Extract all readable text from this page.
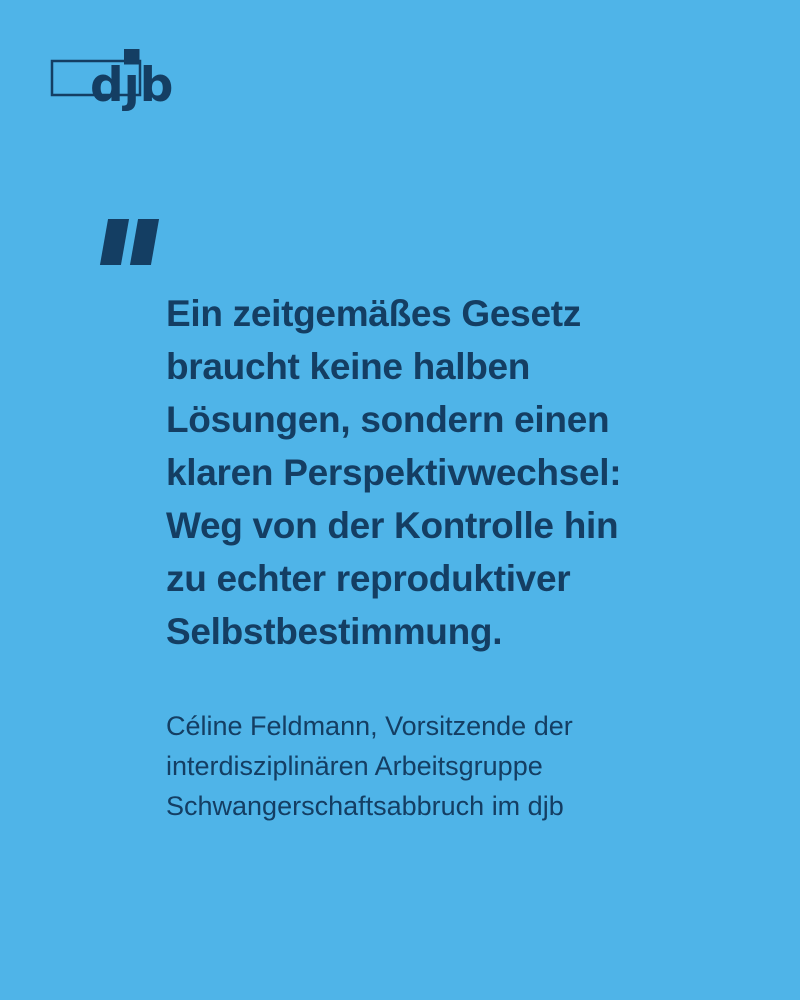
dȷb
Ein zeitgemäßes Gesetz
braucht keine halben
Lösungen, sondern einen
klaren Perspektivwechsel:
Weg von der Kontrolle hin
zu echter reproduktiver
Selbstbestimmung.
Céline Feldmann, Vorsitzende der
interdisziplinären Arbeitsgruppe
Schwangerschaftsabbruch im djb
